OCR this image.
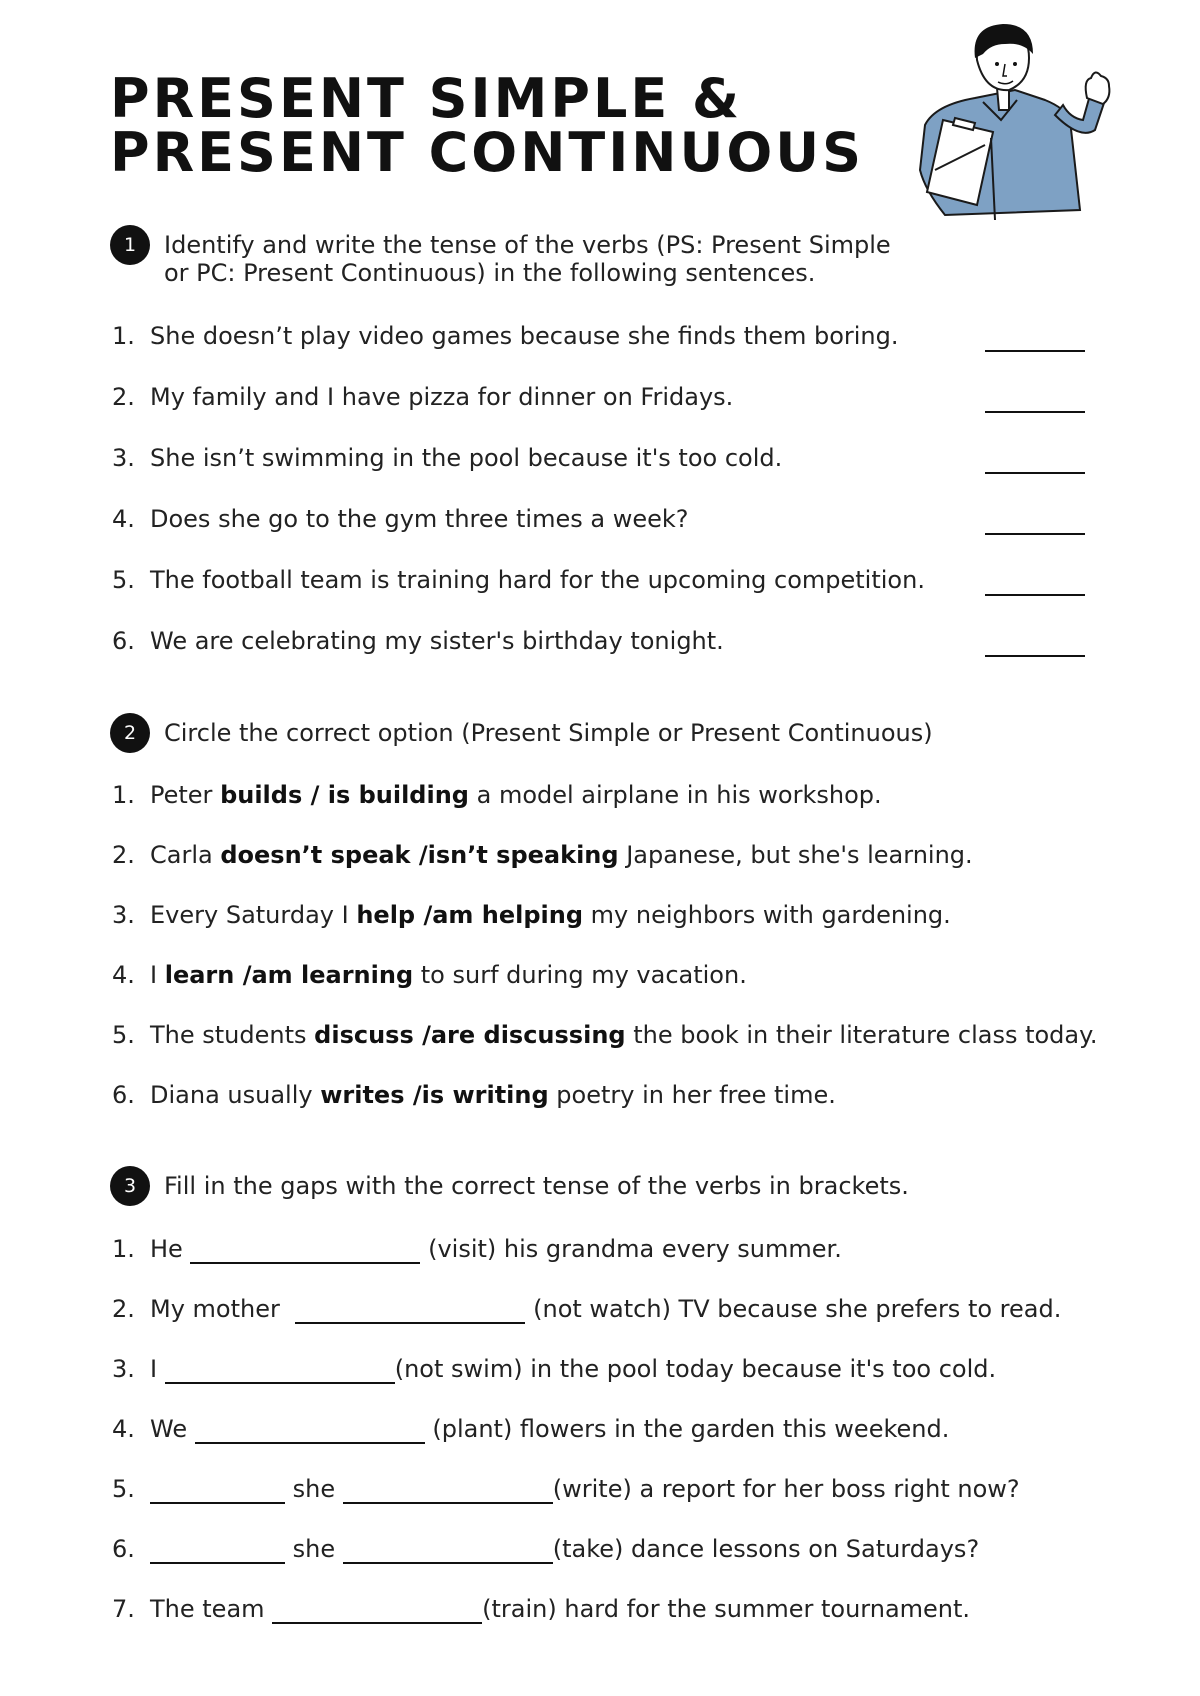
PRESENT SIMPLE &
PRESENT CONTINUOUS
1	Identify and write the tense of the verbs (PS: Present Simple
or PC: Present Continuous) in the following sentences.
1. She doesn’t play video games because she finds them boring.
2. My family and I have pizza for dinner on Fridays.
3. She isn’t swimming in the pool because it's too cold.
4. Does she go to the gym three times a week?
5. The football team is training hard for the upcoming competition.
6. We are celebrating my sister's birthday tonight.
2	Circle the correct option (Present Simple or Present Continuous)
1. Peter builds / is building a model airplane in his workshop.
2. Carla doesn’t speak /isn’t speaking Japanese, but she's learning.
3. Every Saturday I help /am helping my neighbors with gardening.
4. I learn /am learning to surf during my vacation.
5. The students discuss /are discussing the book in their literature class today.
6. Diana usually writes /is writing poetry in her free time.
3	Fill in the gaps with the correct tense of the verbs in brackets.
1. He	(visit) his grandma every summer.
2. My mother	(not watch) TV because she prefers to read.
3. I	(not swim) in the pool today because it's too cold.
4. We	(plant) flowers in the garden this weekend.
5.	she	(write) a report for her boss right now?
6.	she	(take) dance lessons on Saturdays?
7. The team	(train) hard for the summer tournament.
